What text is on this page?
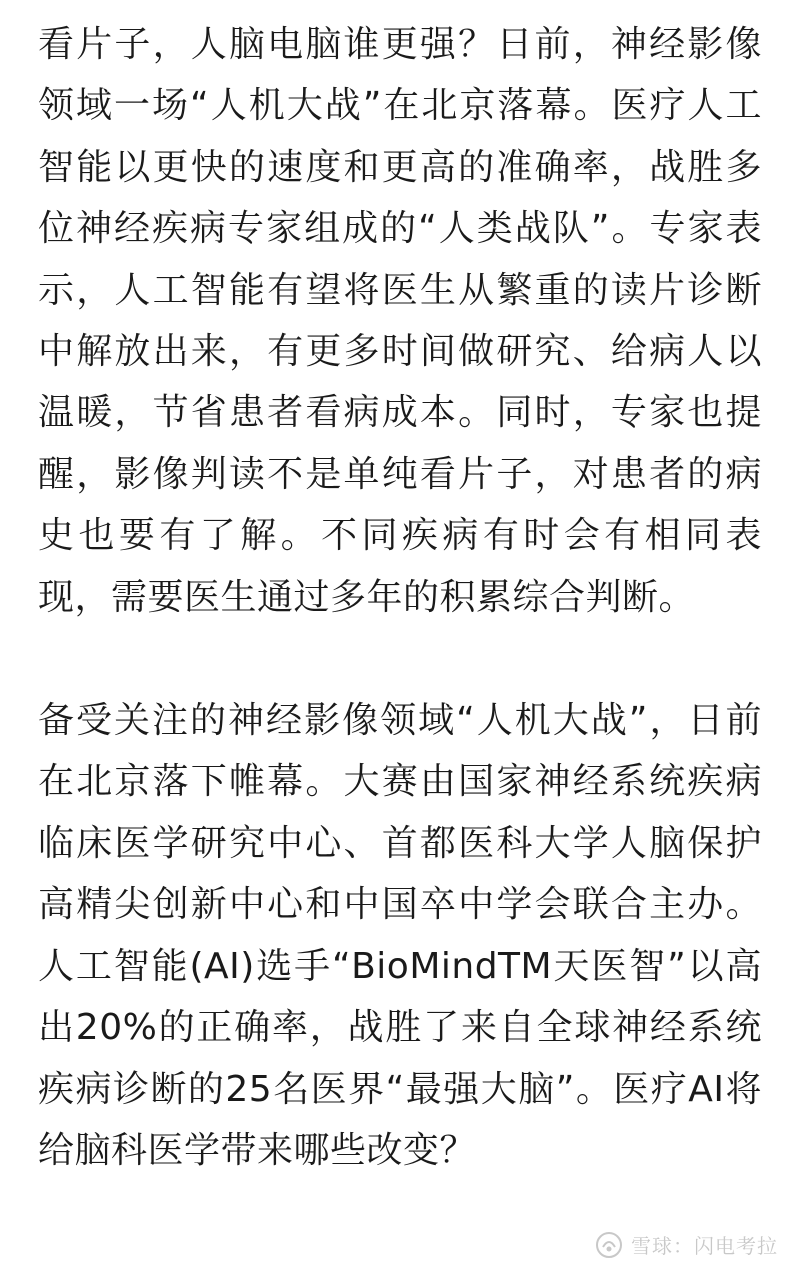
看片子，人脑电脑谁更强？日前，神经影像领域一场“人机大战”在北京落幕。医疗人工智能以更快的速度和更高的准确率，战胜多位神经疾病专家组成的“人类战队”。专家表示，人工智能有望将医生从繁重的读片诊断中解放出来，有更多时间做研究、给病人以温暖，节省患者看病成本。同时，专家也提醒，影像判读不是单纯看片子，对患者的病史也要有了解。不同疾病有时会有相同表现，需要医生通过多年的积累综合判断。

备受关注的神经影像领域“人机大战”，日前在北京落下帷幕。大赛由国家神经系统疾病临床医学研究中心、首都医科大学人脑保护高精尖创新中心和中国卒中学会联合主办。人工智能(AI)选手“BioMindTM天医智”以高出20%的正确率，战胜了来自全球神经系统疾病诊断的25名医界“最强大脑”。医疗AI将给脑科医学带来哪些改变？

雪球：闪电考拉
